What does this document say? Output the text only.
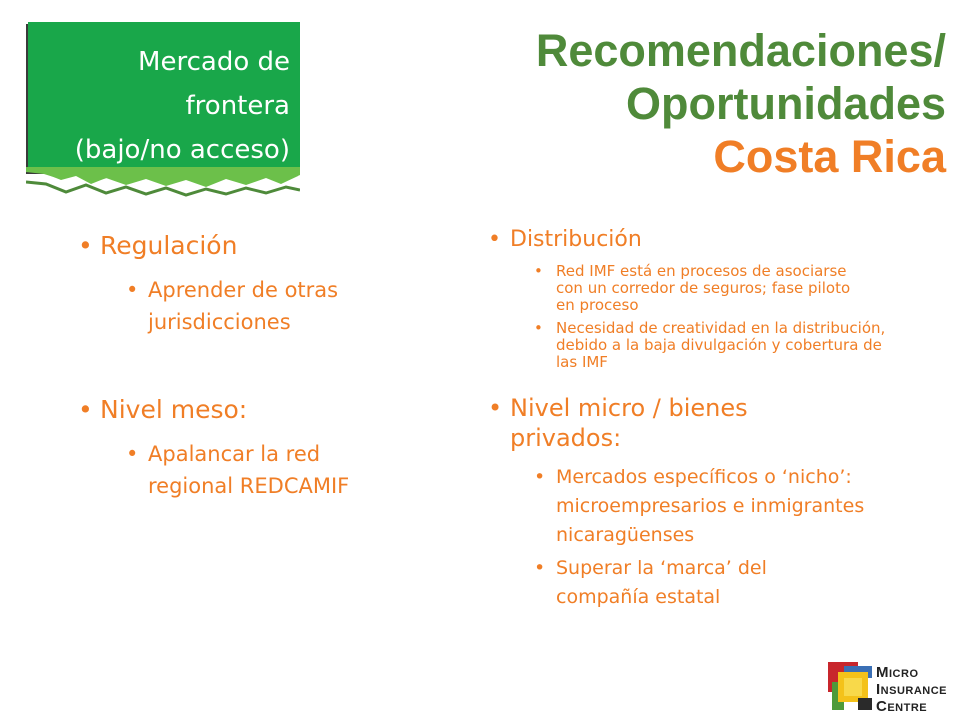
Mercado de
frontera
(bajo/no acceso)
Recomendaciones/
Oportunidades
Costa Rica
• Regulación
• Aprender de otras jurisdicciones
• Nivel meso:
• Apalancar la red regional REDCAMIF
• Distribución
• Red IMF está en procesos de asociarse con un corredor de seguros; fase piloto en proceso
• Necesidad de creatividad en la distribución, debido a la baja divulgación y cobertura de las IMF
• Nivel micro / bienes privados:
• Mercados específicos o ‘nicho’: microempresarios e inmigrantes nicaragüenses
• Superar la ‘marca’ del compañía estatal
MICRO
INSURANCE
CENTRE
